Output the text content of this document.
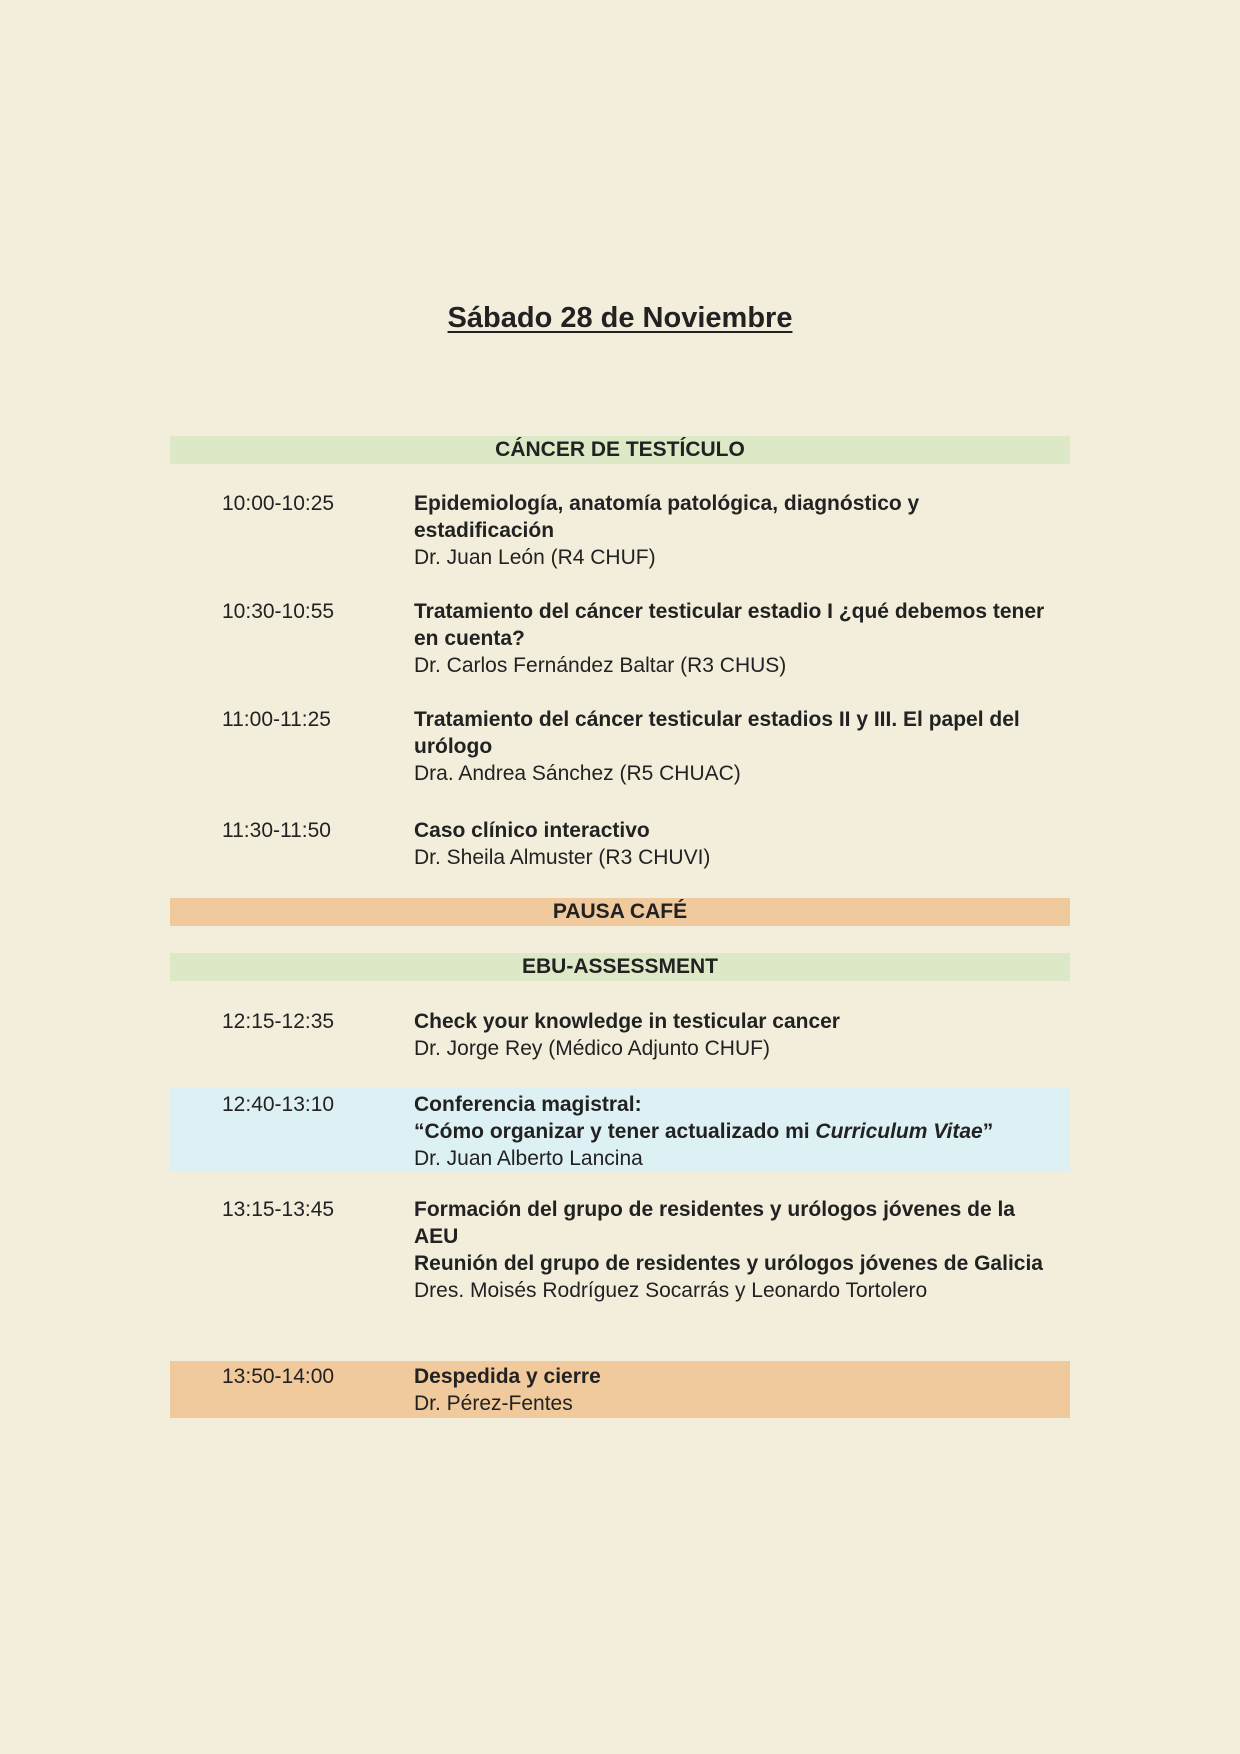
Sábado 28 de Noviembre
CÁNCER DE TESTÍCULO
10:00-10:25	Epidemiología, anatomía patológica, diagnóstico y estadificación
Dr. Juan León (R4 CHUF)
10:30-10:55	Tratamiento del cáncer testicular estadio I ¿qué debemos tener en cuenta?
Dr. Carlos Fernández Baltar (R3 CHUS)
11:00-11:25	Tratamiento del cáncer testicular estadios II y III. El papel del urólogo
Dra. Andrea Sánchez (R5 CHUAC)
11:30-11:50	Caso clínico interactivo
Dr. Sheila Almuster (R3 CHUVI)
PAUSA CAFÉ
EBU-ASSESSMENT
12:15-12:35	Check your knowledge in testicular cancer
Dr. Jorge Rey (Médico Adjunto CHUF)
12:40-13:10	Conferencia magistral:
“Cómo organizar y tener actualizado mi Curriculum Vitae”
Dr. Juan Alberto Lancina
13:15-13:45	Formación del grupo de residentes y urólogos jóvenes de la AEU
Reunión del grupo de residentes y urólogos jóvenes de Galicia
Dres. Moisés Rodríguez Socarrás y Leonardo Tortolero
13:50-14:00	Despedida y cierre
Dr. Pérez-Fentes
